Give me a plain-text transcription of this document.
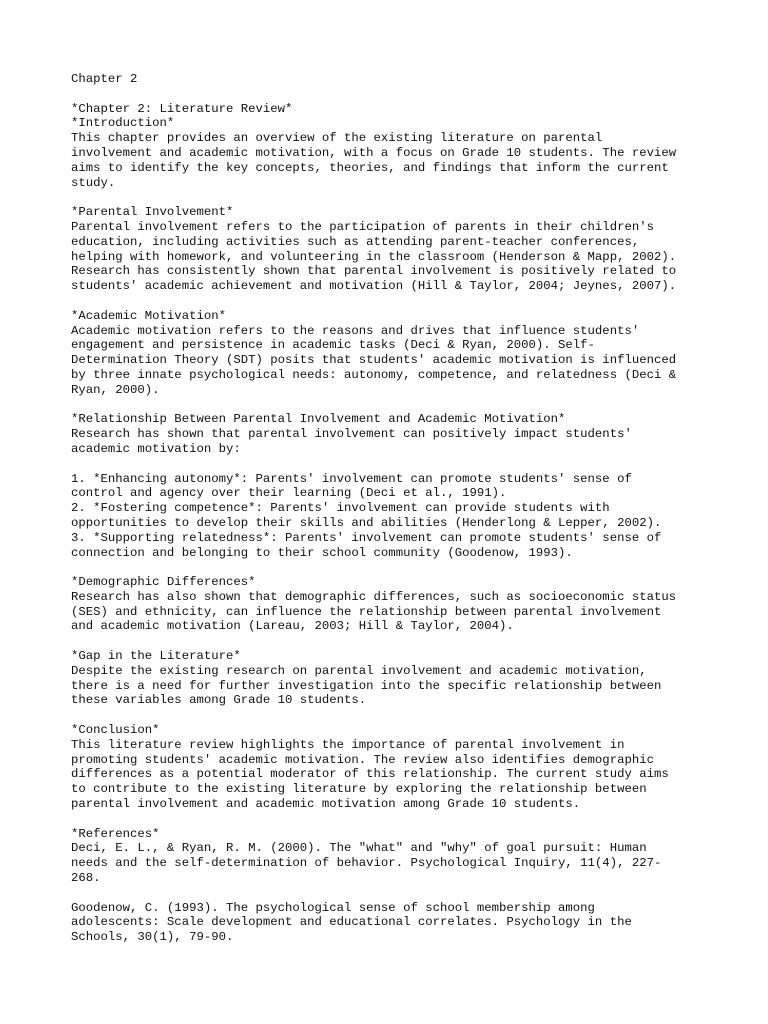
Chapter 2
*Chapter 2: Literature Review*
*Introduction*
This chapter provides an overview of the existing literature on parental
involvement and academic motivation, with a focus on Grade 10 students. The review
aims to identify the key concepts, theories, and findings that inform the current
study.
*Parental Involvement*
Parental involvement refers to the participation of parents in their children's
education, including activities such as attending parent-teacher conferences,
helping with homework, and volunteering in the classroom (Henderson & Mapp, 2002).
Research has consistently shown that parental involvement is positively related to
students' academic achievement and motivation (Hill & Taylor, 2004; Jeynes, 2007).
*Academic Motivation*
Academic motivation refers to the reasons and drives that influence students'
engagement and persistence in academic tasks (Deci & Ryan, 2000). Self-
Determination Theory (SDT) posits that students' academic motivation is influenced
by three innate psychological needs: autonomy, competence, and relatedness (Deci &
Ryan, 2000).
*Relationship Between Parental Involvement and Academic Motivation*
Research has shown that parental involvement can positively impact students'
academic motivation by:
1. *Enhancing autonomy*: Parents' involvement can promote students' sense of
control and agency over their learning (Deci et al., 1991).
2. *Fostering competence*: Parents' involvement can provide students with
opportunities to develop their skills and abilities (Henderlong & Lepper, 2002).
3. *Supporting relatedness*: Parents' involvement can promote students' sense of
connection and belonging to their school community (Goodenow, 1993).
*Demographic Differences*
Research has also shown that demographic differences, such as socioeconomic status
(SES) and ethnicity, can influence the relationship between parental involvement
and academic motivation (Lareau, 2003; Hill & Taylor, 2004).
*Gap in the Literature*
Despite the existing research on parental involvement and academic motivation,
there is a need for further investigation into the specific relationship between
these variables among Grade 10 students.
*Conclusion*
This literature review highlights the importance of parental involvement in
promoting students' academic motivation. The review also identifies demographic
differences as a potential moderator of this relationship. The current study aims
to contribute to the existing literature by exploring the relationship between
parental involvement and academic motivation among Grade 10 students.
*References*
Deci, E. L., & Ryan, R. M. (2000). The "what" and "why" of goal pursuit: Human
needs and the self-determination of behavior. Psychological Inquiry, 11(4), 227-
268.
Goodenow, C. (1993). The psychological sense of school membership among
adolescents: Scale development and educational correlates. Psychology in the
Schools, 30(1), 79-90.
